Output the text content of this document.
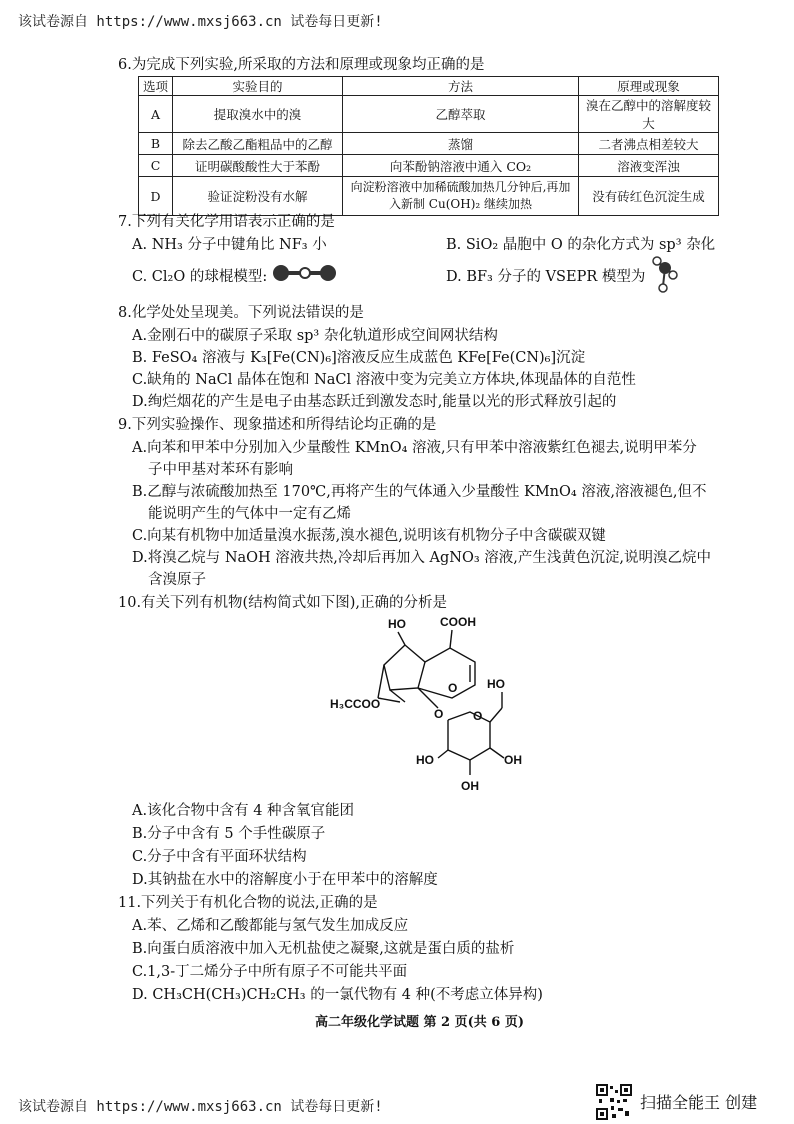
该试卷源自 https://www.mxsj663.cn 试卷每日更新!
6.为完成下列实验,所采取的方法和原理或现象均正确的是
选项	实验目的	方法	原理或现象
A	提取溴水中的溴	乙醇萃取	溴在乙醇中的溶解度较大
B	除去乙酸乙酯粗品中的乙醇	蒸馏	二者沸点相差较大
C	证明碳酸酸性大于苯酚	向苯酚钠溶液中通入 CO₂	溶液变浑浊
D	验证淀粉没有水解	向淀粉溶液中加稀硫酸加热几分钟后,再加入新制 Cu(OH)₂ 继续加热	没有砖红色沉淀生成
7.下列有关化学用语表示正确的是
A. NH₃ 分子中键角比 NF₃ 小	B. SiO₂ 晶胞中 O 的杂化方式为 sp³ 杂化
C. Cl₂O 的球棍模型:	D. BF₃ 分子的 VSEPR 模型为
8.化学处处呈现美。下列说法错误的是
A.金刚石中的碳原子采取 sp³ 杂化轨道形成空间网状结构
B. FeSO₄ 溶液与 K₃[Fe(CN)₆]溶液反应生成蓝色 KFe[Fe(CN)₆]沉淀
C.缺角的 NaCl 晶体在饱和 NaCl 溶液中变为完美立方体块,体现晶体的自范性
D.绚烂烟花的产生是电子由基态跃迁到激发态时,能量以光的形式释放引起的
9.下列实验操作、现象描述和所得结论均正确的是
A.向苯和甲苯中分别加入少量酸性 KMnO₄ 溶液,只有甲苯中溶液紫红色褪去,说明甲苯分
子中甲基对苯环有影响
B.乙醇与浓硫酸加热至 170℃,再将产生的气体通入少量酸性 KMnO₄ 溶液,溶液褪色,但不
能说明产生的气体中一定有乙烯
C.向某有机物中加适量溴水振荡,溴水褪色,说明该有机物分子中含碳碳双键
D.将溴乙烷与 NaOH 溶液共热,冷却后再加入 AgNO₃ 溶液,产生浅黄色沉淀,说明溴乙烷中
含溴原子
10.有关下列有机物(结构简式如下图),正确的分析是
HO	COOH
O HO
H₃CCOO
O O
HO	OH
OH
A.该化合物中含有 4 种含氧官能团
B.分子中含有 5 个手性碳原子
C.分子中含有平面环状结构
D.其钠盐在水中的溶解度小于在甲苯中的溶解度
11.下列关于有机化合物的说法,正确的是
A.苯、乙烯和乙酸都能与氢气发生加成反应
B.向蛋白质溶液中加入无机盐使之凝聚,这就是蛋白质的盐析
C.1,3-丁二烯分子中所有原子不可能共平面
D. CH₃CH(CH₃)CH₂CH₃ 的一氯代物有 4 种(不考虑立体异构)
高二年级化学试题 第 2 页(共 6 页)
该试卷源自 https://www.mxsj663.cn 试卷每日更新!	扫描全能王 创建
